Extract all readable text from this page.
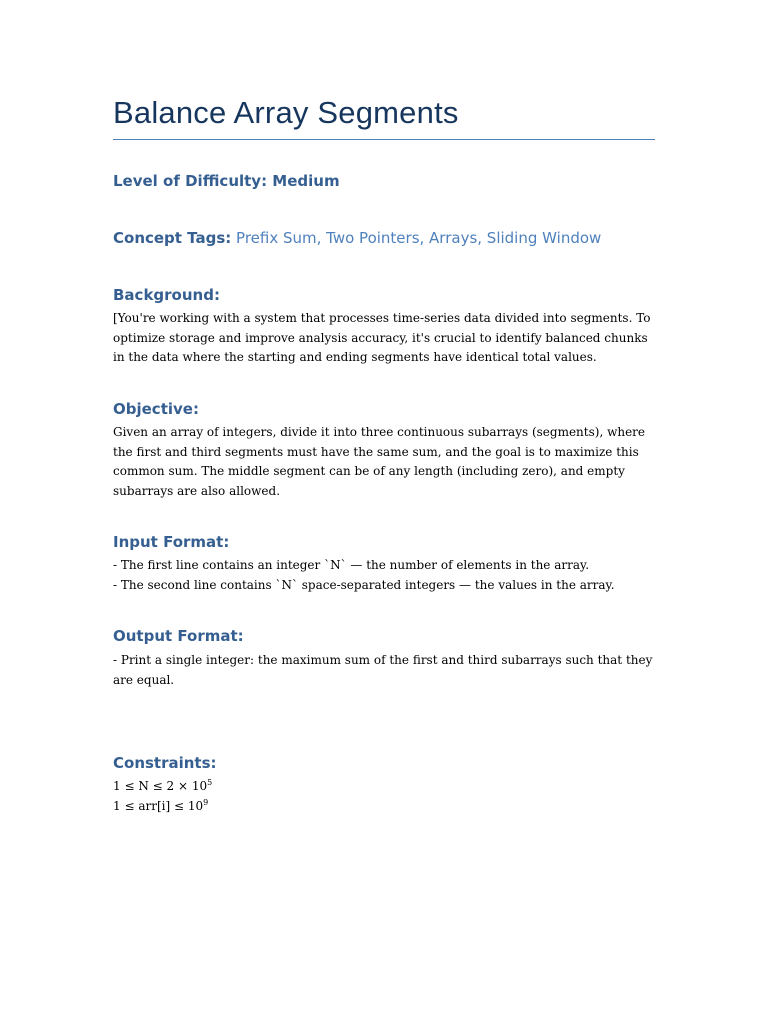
Balance Array Segments
Level of Difficulty: Medium
Concept Tags: Prefix Sum, Two Pointers, Arrays, Sliding Window
Background:

[You're working with a system that processes time-series data divided into segments. To optimize storage and improve analysis accuracy, it's crucial to identify balanced chunks in the data where the starting and ending segments have identical total values.

Objective:

Given an array of integers, divide it into three continuous subarrays (segments), where the first and third segments must have the same sum, and the goal is to maximize this common sum. The middle segment can be of any length (including zero), and empty subarrays are also allowed.

Input Format:

- The first line contains an integer `N` — the number of elements in the array.

- The second line contains `N` space-separated integers — the values in the array.

Output Format:

- Print a single integer: the maximum sum of the first and third subarrays such that they are equal.

Constraints:

$1 \le N \le 2 \times 10^5$

$1 \le arr[i] \le 10^9$
